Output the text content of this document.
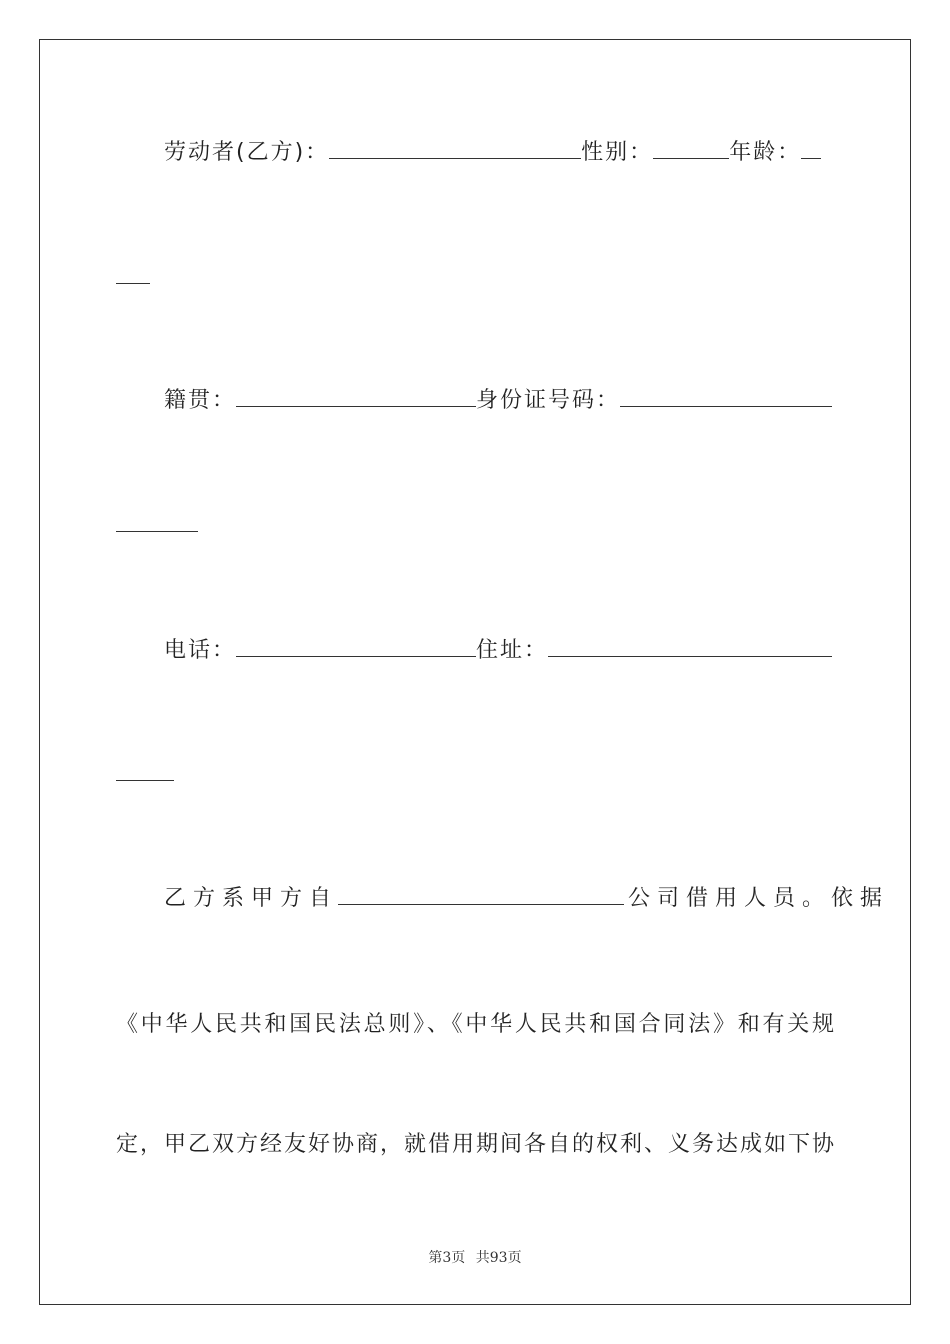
劳动者(乙方)：	性别：	年龄：
籍贯：	身份证号码：
电话：	住址：
乙方系甲方自	公司借用人员。依据
《中华人民共和国民法总则》、《中华人民共和国合同法》和有关规
定，甲乙双方经友好协商，就借用期间各自的权利、义务达成如下协
第3页 共93页
